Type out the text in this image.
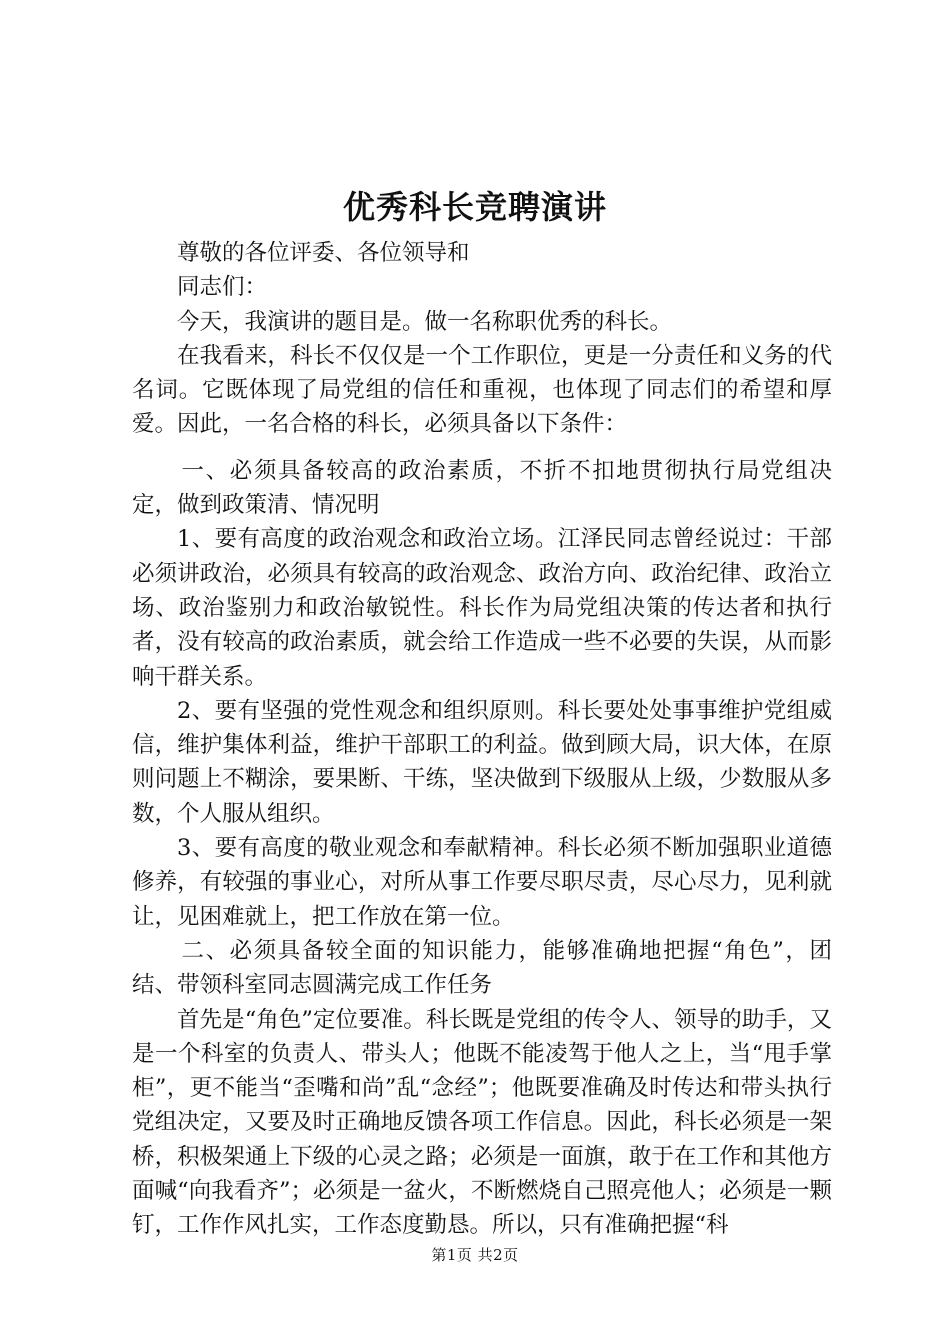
优秀科长竞聘演讲

尊敬的各位评委、各位领导和

同志们：

今天，我演讲的题目是。做一名称职优秀的科长。

在我看来，科长不仅仅是一个工作职位，更是一分责任和义务的代名词。它既体现了局党组的信任和重视，也体现了同志们的希望和厚爱。因此，一名合格的科长，必须具备以下条件：

一、必须具备较高的政治素质，不折不扣地贯彻执行局党组决定，做到政策清、情况明

1、要有高度的政治观念和政治立场。江泽民同志曾经说过：干部必须讲政治，必须具有较高的政治观念、政治方向、政治纪律、政治立场、政治鉴别力和政治敏锐性。科长作为局党组决策的传达者和执行者，没有较高的政治素质，就会给工作造成一些不必要的失误，从而影响干群关系。

2、要有坚强的党性观念和组织原则。科长要处处事事维护党组威信，维护集体利益，维护干部职工的利益。做到顾大局，识大体，在原则问题上不糊涂，要果断、干练，坚决做到下级服从上级，少数服从多数，个人服从组织。

3、要有高度的敬业观念和奉献精神。科长必须不断加强职业道德修养，有较强的事业心，对所从事工作要尽职尽责，尽心尽力，见利就让，见困难就上，把工作放在第一位。

二、必须具备较全面的知识能力，能够准确地把握“角色”，团结、带领科室同志圆满完成工作任务

首先是“角色”定位要准。科长既是党组的传令人、领导的助手，又是一个科室的负责人、带头人；他既不能凌驾于他人之上，当“甩手掌柜”，更不能当“歪嘴和尚”乱“念经”；他既要准确及时传达和带头执行党组决定，又要及时正确地反馈各项工作信息。因此，科长必须是一架桥，积极架通上下级的心灵之路；必须是一面旗，敢于在工作和其他方面喊“向我看齐”；必须是一盆火，不断燃烧自己照亮他人；必须是一颗钉，工作作风扎实，工作态度勤恳。所以，只有准确把握“科

第1页 共2页
